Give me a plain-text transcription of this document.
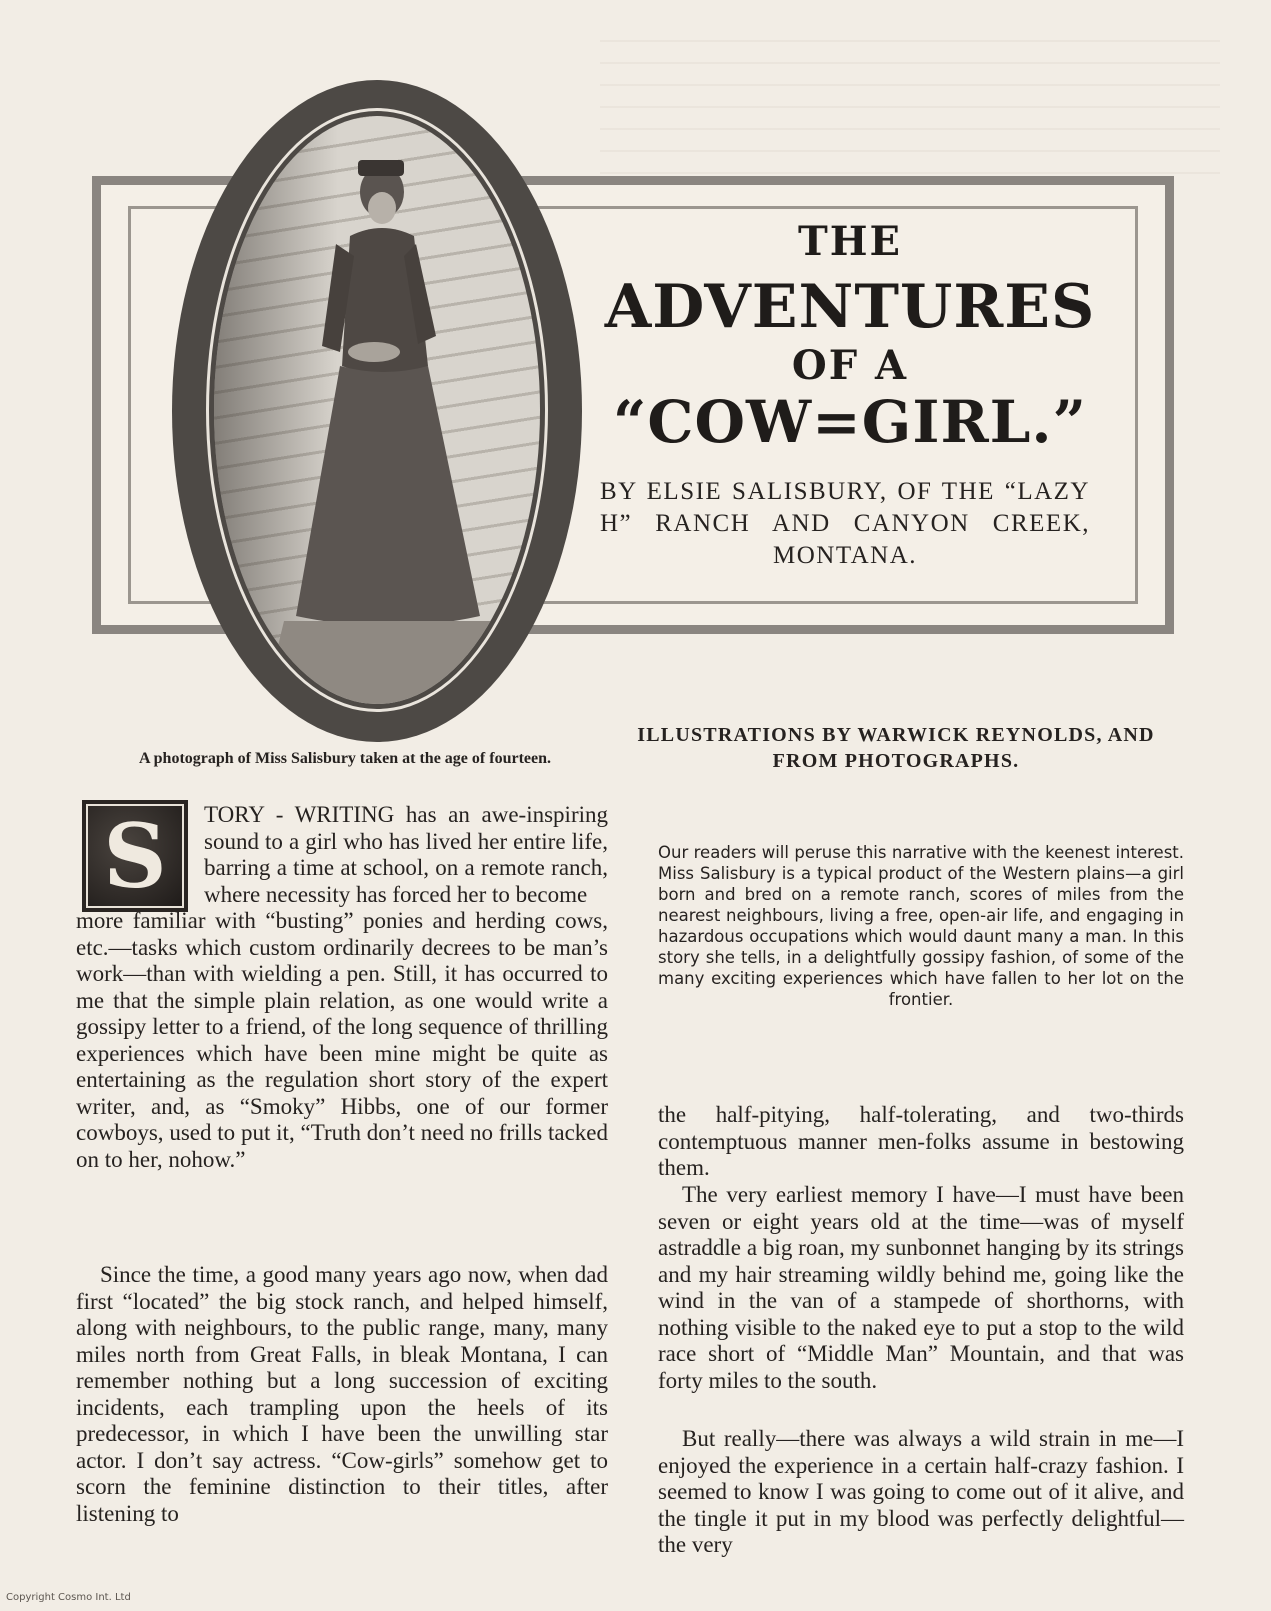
THE
ADVENTURES
OF A
“COW=GIRL.”

BY ELSIE SALISBURY, OF THE “LAZY H” RANCH AND CANYON CREEK, MONTANA.

A photograph of Miss Salisbury taken at the age of fourteen.

ILLUSTRATIONS BY WARWICK REYNOLDS, AND FROM PHOTOGRAPHS.

S TORY - WRITING has an awe-inspiring sound to a girl who has lived her entire life, barring a time at school, on a remote ranch, where necessity has forced her to become

more familiar with “busting” ponies and herding cows, etc.—tasks which custom ordinarily decrees to be man’s work—than with wielding a pen. Still, it has occurred to me that the simple plain relation, as one would write a gossipy letter to a friend, of the long sequence of thrilling experiences which have been mine might be quite as entertaining as the regulation short story of the expert writer, and, as “Smoky” Hibbs, one of our former cowboys, used to put it, “Truth don’t need no frills tacked on to her, nohow.”

Since the time, a good many years ago now, when dad first “located” the big stock ranch, and helped himself, along with neighbours, to the public range, many, many miles north from Great Falls, in bleak Montana, I can remember nothing but a long succession of exciting incidents, each trampling upon the heels of its predecessor, in which I have been the unwilling star actor. I don’t say actress. “Cow-girls” somehow get to scorn the feminine distinction to their titles, after listening to

Our readers will peruse this narrative with the keenest interest. Miss Salisbury is a typical product of the Western plains—a girl born and bred on a remote ranch, scores of miles from the nearest neighbours, living a free, open-air life, and engaging in hazardous occupations which would daunt many a man. In this story she tells, in a delightfully gossipy fashion, of some of the many exciting experiences which have fallen to her lot on the frontier.

the half-pitying, half-tolerating, and two-thirds contemptuous manner men-folks assume in bestowing them.

The very earliest memory I have—I must have been seven or eight years old at the time—was of myself astraddle a big roan, my sunbonnet hanging by its strings and my hair streaming wildly behind me, going like the wind in the van of a stampede of shorthorns, with nothing visible to the naked eye to put a stop to the wild race short of “Middle Man” Mountain, and that was forty miles to the south.

But really—there was always a wild strain in me—I enjoyed the experience in a certain half-crazy fashion. I seemed to know I was going to come out of it alive, and the tingle it put in my blood was perfectly delightful—the very

Copyright Cosmo Int. Ltd
